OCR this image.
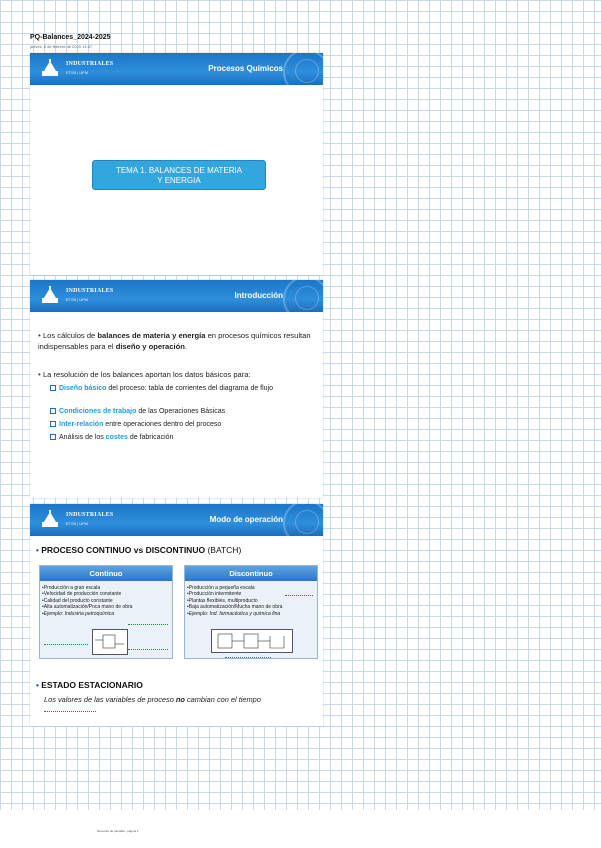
PQ-Balances_2024-2025
jueves, 6 de febrero de 2025 14:57
INDUSTRIALES
ETSII | UPM	Procesos Químicos
TEMA 1. BALANCES DE MATERIA
Y ENERGIA
INDUSTRIALES
ETSII | UPM	Introducción
• Los cálculos de balances de materia y energía en procesos químicos resultan indispensables para el diseño y operación.
• La resolución de los balances aportan los datos básicos para:
Diseño básico del proceso: tabla de corrientes del diagrama de flujo
Condiciones de trabajo de las Operaciones Básicas
Inter-relación entre operaciones dentro del proceso
Análisis de los costes de fabricación
INDUSTRIALES
ETSII | UPM	Modo de operación
• PROCESO CONTINUO vs DISCONTINUO (BATCH)
Continuo
•Producción a gran escala
•Velocidad de producción constante
•Calidad del producto constante
•Alta automatización/Poca mano de obra
•Ejemplo: Industria petroquímica
Discontinuo
•Producción a pequeña escala
•Producción intermitente
•Plantas flexibles, multiproducto
•Baja automatización/Mucha mano de obra
•Ejemplo: Ind. farmacéutica y química fina
• ESTADO ESTACIONARIO
Los valores de las variables de proceso no cambian con el tiempo
Recortes de pantalla - página 1
